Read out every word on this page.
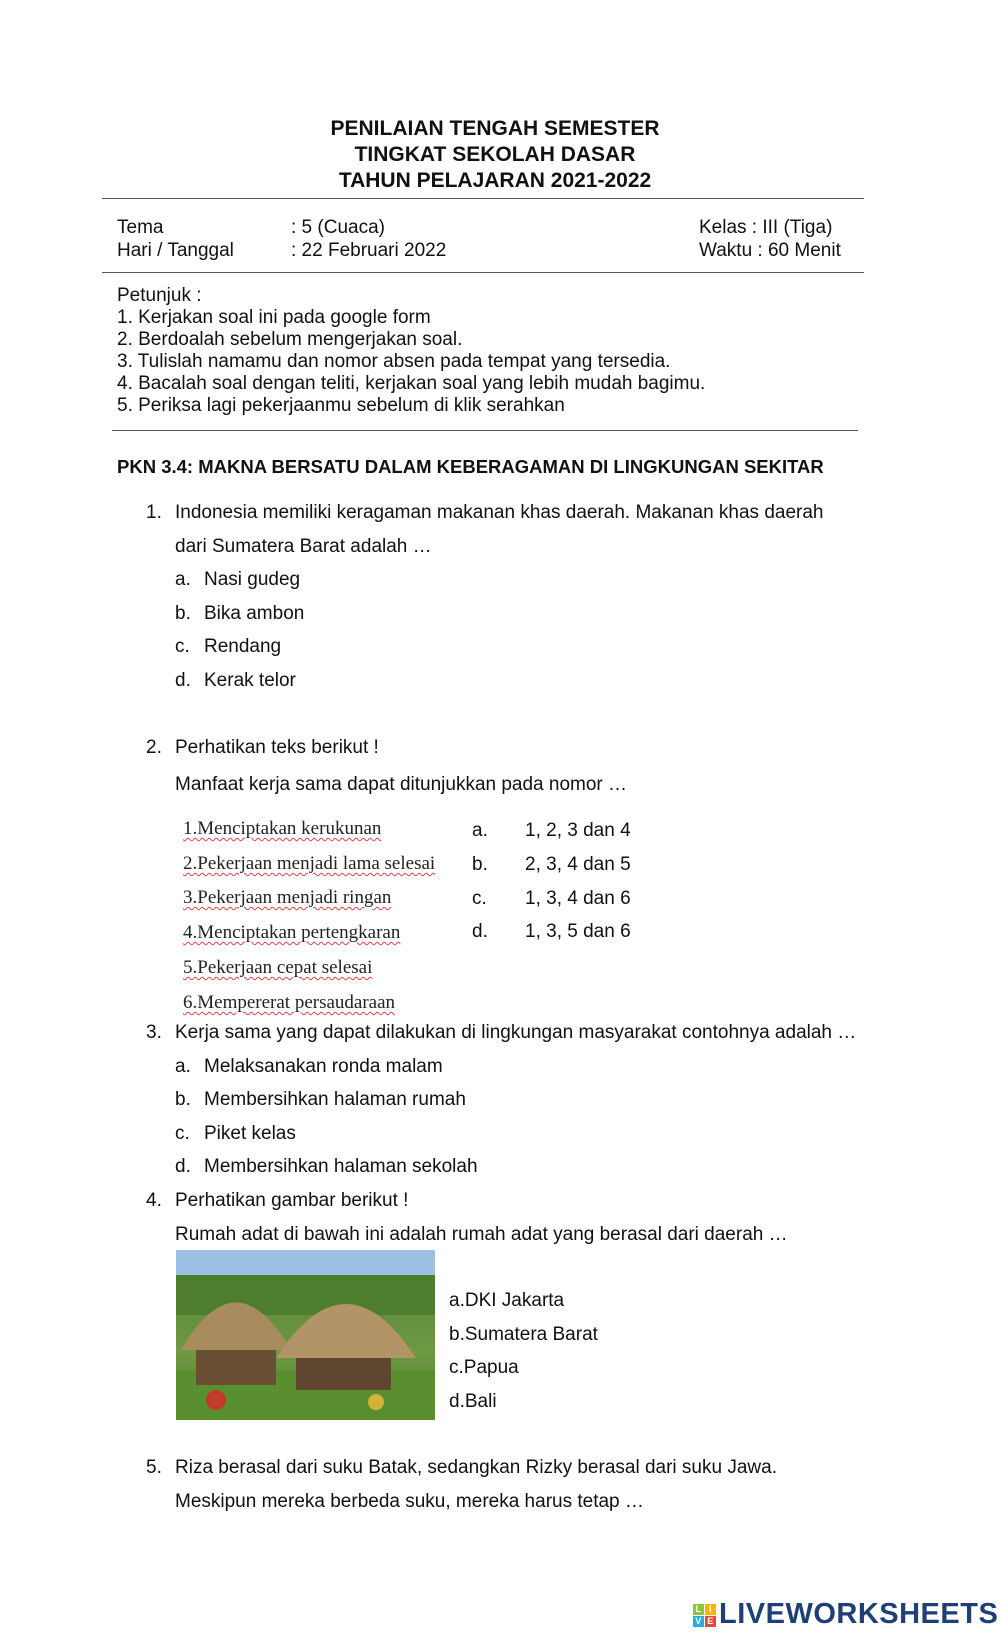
PENILAIAN TENGAH SEMESTER
TINGKAT SEKOLAH DASAR
TAHUN PELAJARAN 2021-2022
Tema	: 5 (Cuaca)	Kelas : III (Tiga)
Hari / Tanggal	: 22 Februari 2022	Waktu : 60 Menit
Petunjuk :
1. Kerjakan soal ini pada google form
2. Berdoalah sebelum mengerjakan soal.
3. Tulislah namamu dan nomor absen pada tempat yang tersedia.
4. Bacalah soal dengan teliti, kerjakan soal yang lebih mudah bagimu.
5. Periksa lagi pekerjaanmu sebelum di klik serahkan
PKN 3.4: MAKNA BERSATU DALAM KEBERAGAMAN DI LINGKUNGAN SEKITAR
1. Indonesia memiliki keragaman makanan khas daerah. Makanan khas daerah
dari Sumatera Barat adalah …
a. Nasi gudeg
b. Bika ambon
c. Rendang
d. Kerak telor
2. Perhatikan teks berikut !
Manfaat kerja sama dapat ditunjukkan pada nomor …
1.Menciptakan kerukunan
2.Pekerjaan menjadi lama selesai
3.Pekerjaan menjadi ringan
4.Menciptakan pertengkaran
5.Pekerjaan cepat selesai
6.Mempererat persaudaraan
a. 1, 2, 3 dan 4
b. 2, 3, 4 dan 5
c. 1, 3, 4 dan 6
d. 1, 3, 5 dan 6
3. Kerja sama yang dapat dilakukan di lingkungan masyarakat contohnya adalah …
a. Melaksanakan ronda malam
b. Membersihkan halaman rumah
c. Piket kelas
d. Membersihkan halaman sekolah
4. Perhatikan gambar berikut !
Rumah adat di bawah ini adalah rumah adat yang berasal dari daerah …
a.DKI Jakarta
b.Sumatera Barat
c.Papua
d.Bali
5. Riza berasal dari suku Batak, sedangkan Rizky berasal dari suku Jawa.
Meskipun mereka berbeda suku, mereka harus tetap …
L I
V E LIVEWORKSHEETS
